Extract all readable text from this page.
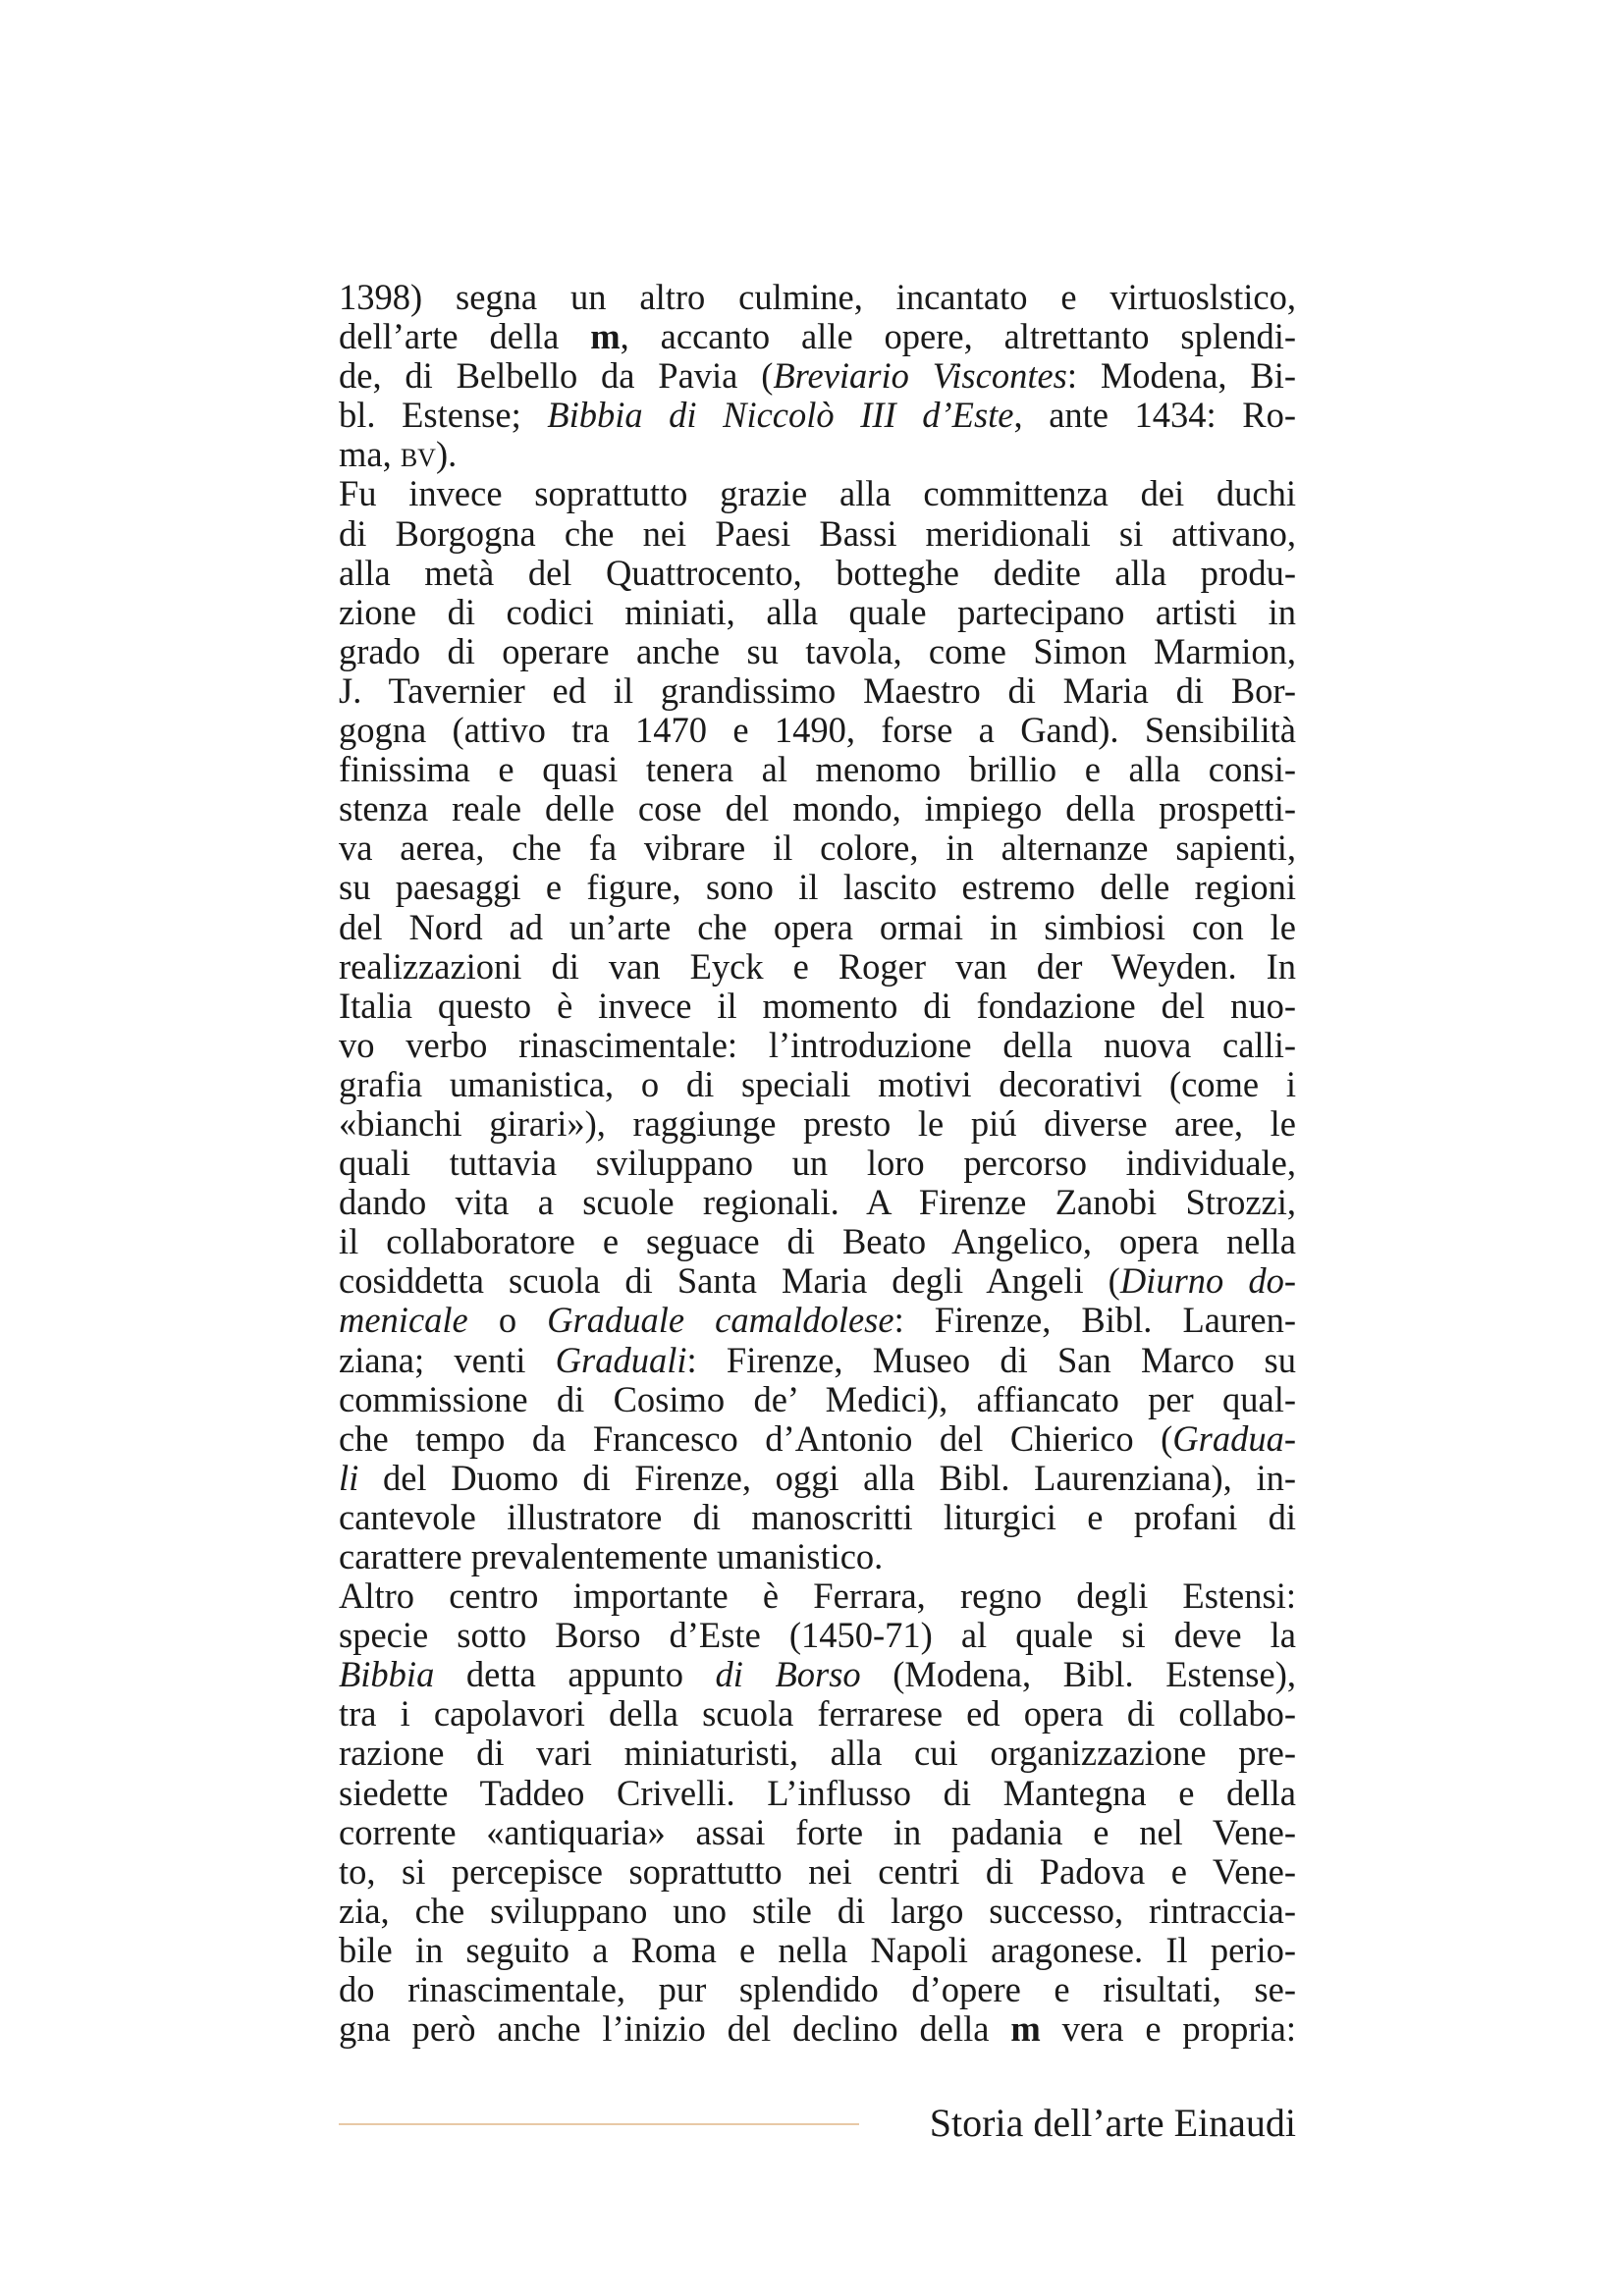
1398) segna un altro culmine, incantato e virtuoslstico,
dell’arte della m, accanto alle opere, altrettanto splendi-
de, di Belbello da Pavia (Breviario Viscontes: Modena, Bi-
bl. Estense; Bibbia di Niccolò III d’Este, ante 1434: Ro-
ma, bv).
Fu invece soprattutto grazie alla committenza dei duchi
di Borgogna che nei Paesi Bassi meridionali si attivano,
alla metà del Quattrocento, botteghe dedite alla produ-
zione di codici miniati, alla quale partecipano artisti in
grado di operare anche su tavola, come Simon Marmion,
J. Tavernier ed il grandissimo Maestro di Maria di Bor-
gogna (attivo tra 1470 e 1490, forse a Gand). Sensibilità
finissima e quasi tenera al menomo brillio e alla consi-
stenza reale delle cose del mondo, impiego della prospetti-
va aerea, che fa vibrare il colore, in alternanze sapienti,
su paesaggi e figure, sono il lascito estremo delle regioni
del Nord ad un’arte che opera ormai in simbiosi con le
realizzazioni di van Eyck e Roger van der Weyden. In
Italia questo è invece il momento di fondazione del nuo-
vo verbo rinascimentale: l’introduzione della nuova calli-
grafia umanistica, o di speciali motivi decorativi (come i
«bianchi girari»), raggiunge presto le piú diverse aree, le
quali tuttavia sviluppano un loro percorso individuale,
dando vita a scuole regionali. A Firenze Zanobi Strozzi,
il collaboratore e seguace di Beato Angelico, opera nella
cosiddetta scuola di Santa Maria degli Angeli (Diurno do-
menicale o Graduale camaldolese: Firenze, Bibl. Lauren-
ziana; venti Graduali: Firenze, Museo di San Marco su
commissione di Cosimo de’ Medici), affiancato per qual-
che tempo da Francesco d’Antonio del Chierico (Gradua-
li del Duomo di Firenze, oggi alla Bibl. Laurenziana), in-
cantevole illustratore di manoscritti liturgici e profani di
carattere prevalentemente umanistico.
Altro centro importante è Ferrara, regno degli Estensi:
specie sotto Borso d’Este (1450-71) al quale si deve la
Bibbia detta appunto di Borso (Modena, Bibl. Estense),
tra i capolavori della scuola ferrarese ed opera di collabo-
razione di vari miniaturisti, alla cui organizzazione pre-
siedette Taddeo Crivelli. L’influsso di Mantegna e della
corrente «antiquaria» assai forte in padania e nel Vene-
to, si percepisce soprattutto nei centri di Padova e Vene-
zia, che sviluppano uno stile di largo successo, rintraccia-
bile in seguito a Roma e nella Napoli aragonese. Il perio-
do rinascimentale, pur splendido d’opere e risultati, se-
gna però anche l’inizio del declino della m vera e propria:
Storia dell’arte Einaudi
